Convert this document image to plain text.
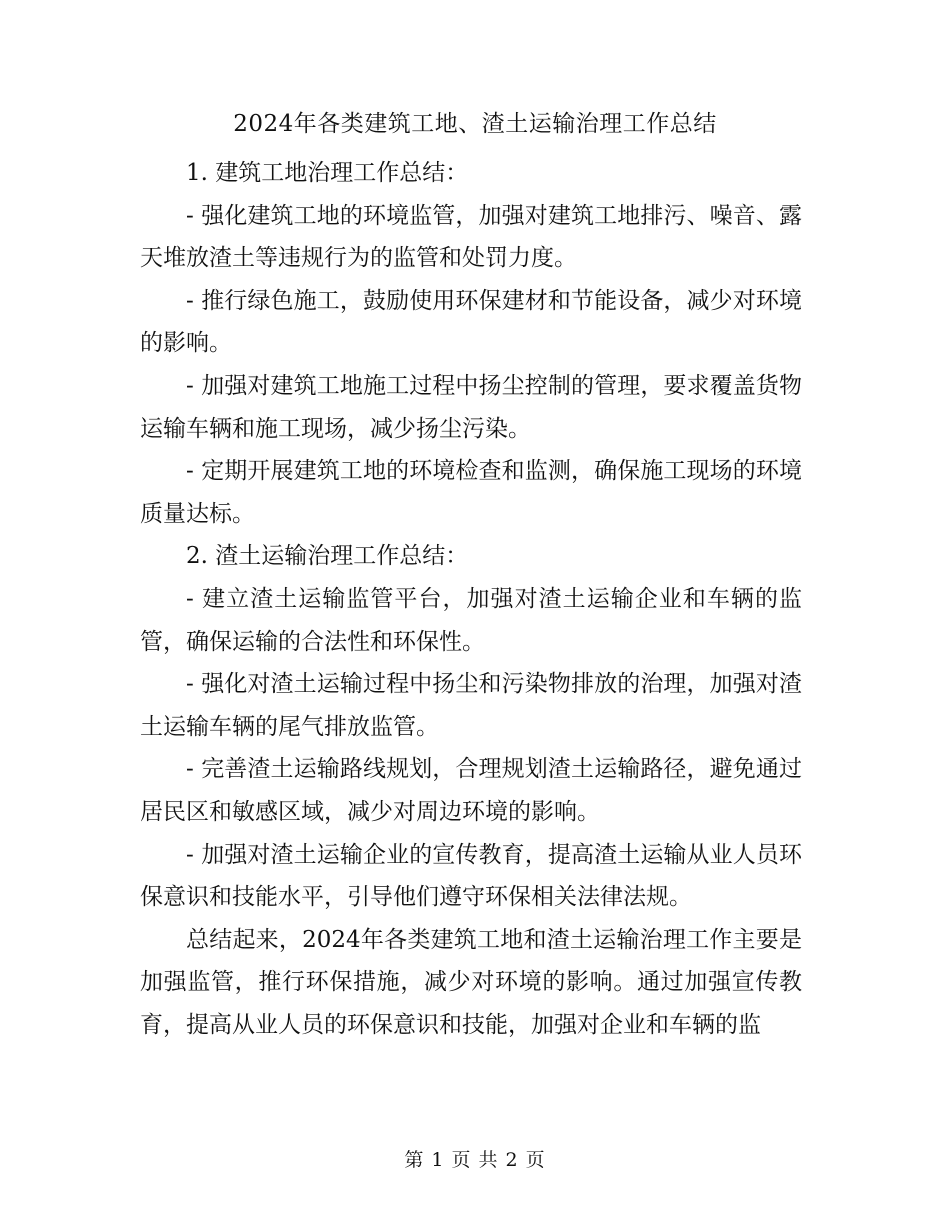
2024年各类建筑工地、渣土运输治理工作总结

1. 建筑工地治理工作总结：

- 强化建筑工地的环境监管，加强对建筑工地排污、噪音、露天堆放渣土等违规行为的监管和处罚力度。

- 推行绿色施工，鼓励使用环保建材和节能设备，减少对环境的影响。

- 加强对建筑工地施工过程中扬尘控制的管理，要求覆盖货物运输车辆和施工现场，减少扬尘污染。

- 定期开展建筑工地的环境检查和监测，确保施工现场的环境质量达标。

2. 渣土运输治理工作总结：

- 建立渣土运输监管平台，加强对渣土运输企业和车辆的监管，确保运输的合法性和环保性。

- 强化对渣土运输过程中扬尘和污染物排放的治理，加强对渣土运输车辆的尾气排放监管。

- 完善渣土运输路线规划，合理规划渣土运输路径，避免通过居民区和敏感区域，减少对周边环境的影响。

- 加强对渣土运输企业的宣传教育，提高渣土运输从业人员环保意识和技能水平，引导他们遵守环保相关法律法规。

总结起来，2024年各类建筑工地和渣土运输治理工作主要是加强监管，推行环保措施，减少对环境的影响。通过加强宣传教育，提高从业人员的环保意识和技能，加强对企业和车辆的监

第 1 页 共 2 页
